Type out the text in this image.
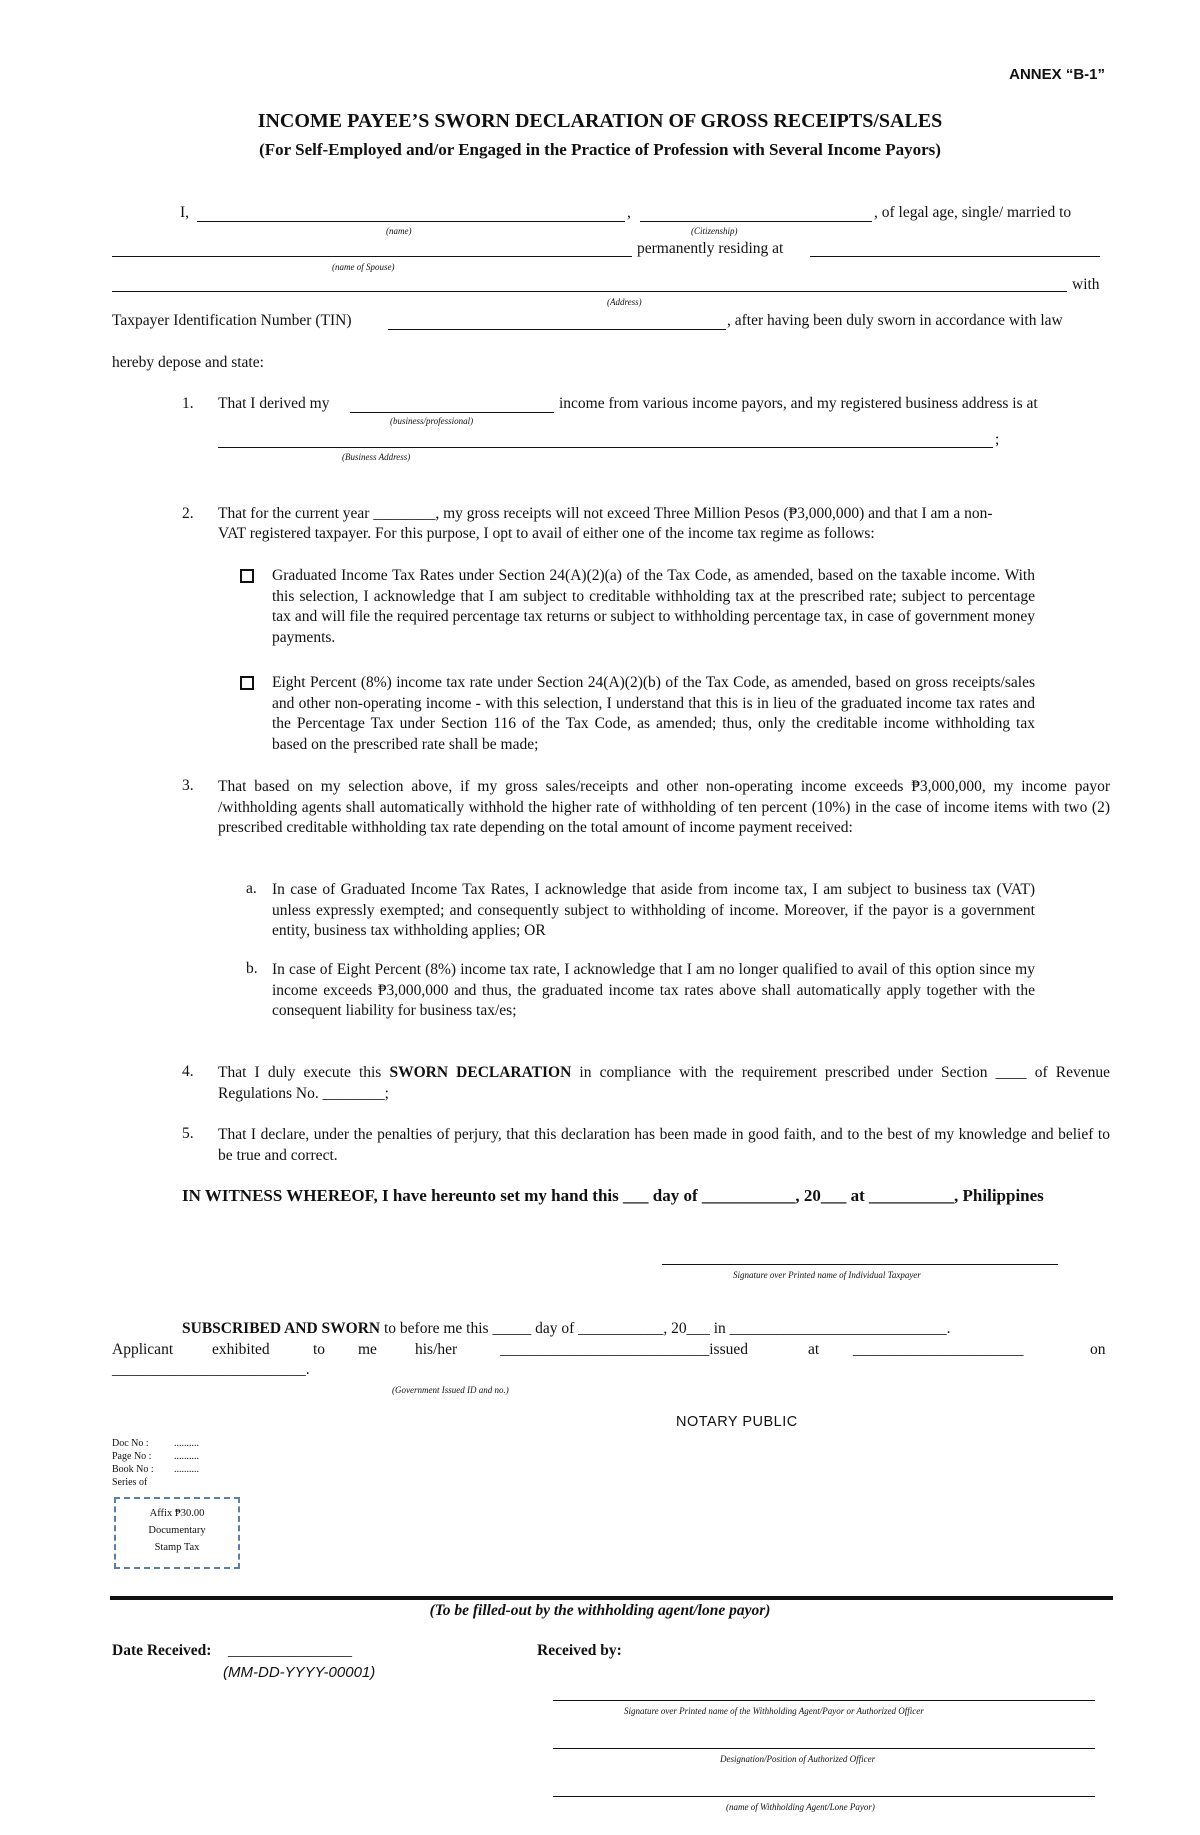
ANNEX “B-1”
INCOME PAYEE’S SWORN DECLARATION OF GROSS RECEIPTS/SALES
(For Self-Employed and/or Engaged in the Practice of Profession with Several Income Payors)
I,	,	, of legal age, single/ married to
(name)	(Citizenship)
permanently residing at
(name of Spouse)
with
(Address)
Taxpayer Identification Number (TIN)	, after having been duly sworn in accordance with law
hereby depose and state:
1. That I derived my	income from various income payors, and my registered business address is at
(business/professional)
;
(Business Address)
2. That for the current year ________, my gross receipts will not exceed Three Million Pesos (₱3,000,000) and that I am a non-
VAT registered taxpayer. For this purpose, I opt to avail of either one of the income tax regime as follows:
Graduated Income Tax Rates under Section 24(A)(2)(a) of the Tax Code, as amended, based on the taxable income. With this selection, I acknowledge that I am subject to creditable withholding tax at the prescribed rate; subject to percentage tax and will file the required percentage tax returns or subject to withholding percentage tax, in case of government money payments.
Eight Percent (8%) income tax rate under Section 24(A)(2)(b) of the Tax Code, as amended, based on gross receipts/sales and other non-operating income - with this selection, I understand that this is in lieu of the graduated income tax rates and the Percentage Tax under Section 116 of the Tax Code, as amended; thus, only the creditable income withholding tax based on the prescribed rate shall be made;
3. That based on my selection above, if my gross sales/receipts and other non-operating income exceeds ₱3,000,000, my income payor /withholding agents shall automatically withhold the higher rate of withholding of ten percent (10%) in the case of income items with two (2) prescribed creditable withholding tax rate depending on the total amount of income payment received:
a. In case of Graduated Income Tax Rates, I acknowledge that aside from income tax, I am subject to business tax (VAT) unless expressly exempted; and consequently subject to withholding of income. Moreover, if the payor is a government entity, business tax withholding applies; OR
b. In case of Eight Percent (8%) income tax rate, I acknowledge that I am no longer qualified to avail of this option since my income exceeds ₱3,000,000 and thus, the graduated income tax rates above shall automatically apply together with the consequent liability for business tax/es;
4. That I duly execute this SWORN DECLARATION in compliance with the requirement prescribed under Section ____ of Revenue Regulations No. ________;
5. That I declare, under the penalties of perjury, that this declaration has been made in good faith, and to the best of my knowledge and belief to be true and correct.
IN WITNESS WHEREOF, I have hereunto set my hand this ___ day of ___________, 20___ at __________, Philippines
Signature over Printed name of Individual Taxpayer
SUBSCRIBED AND SWORN to before me this _____ day of ___________, 20___ in ____________________________.
Applicant	exhibited	to me his/her	___________________________issued	at ______________________	on
_________________________.
(Government Issued ID and no.)
NOTARY PUBLIC
Doc No :	..........
Page No : ..........
Book No : ..........
Series of
Affix ₱30.00
Documentary
Stamp Tax
(To be filled-out by the withholding agent/lone payor)
Date Received: ________________
(MM-DD-YYYY-00001)
Received by:
Signature over Printed name of the Withholding Agent/Payor or Authorized Officer
Designation/Position of Authorized Officer
(name of Withholding Agent/Lone Payor)
